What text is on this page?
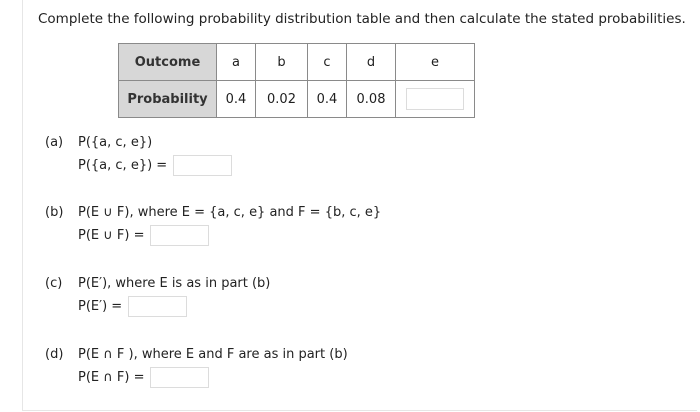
Complete the following probability distribution table and then calculate the stated probabilities.
Outcome	a	b	c	d	e
Probability	0.4	0.02	0.4	0.08	
(a) P({a, c, e})
P({a, c, e}) =
(b) P(E ∪ F), where E = {a, c, e} and F = {b, c, e}
P(E ∪ F) =
(c) P(E′), where E is as in part (b)
P(E′) =
(d) P(E ∩ F ), where E and F are as in part (b)
P(E ∩ F) =
